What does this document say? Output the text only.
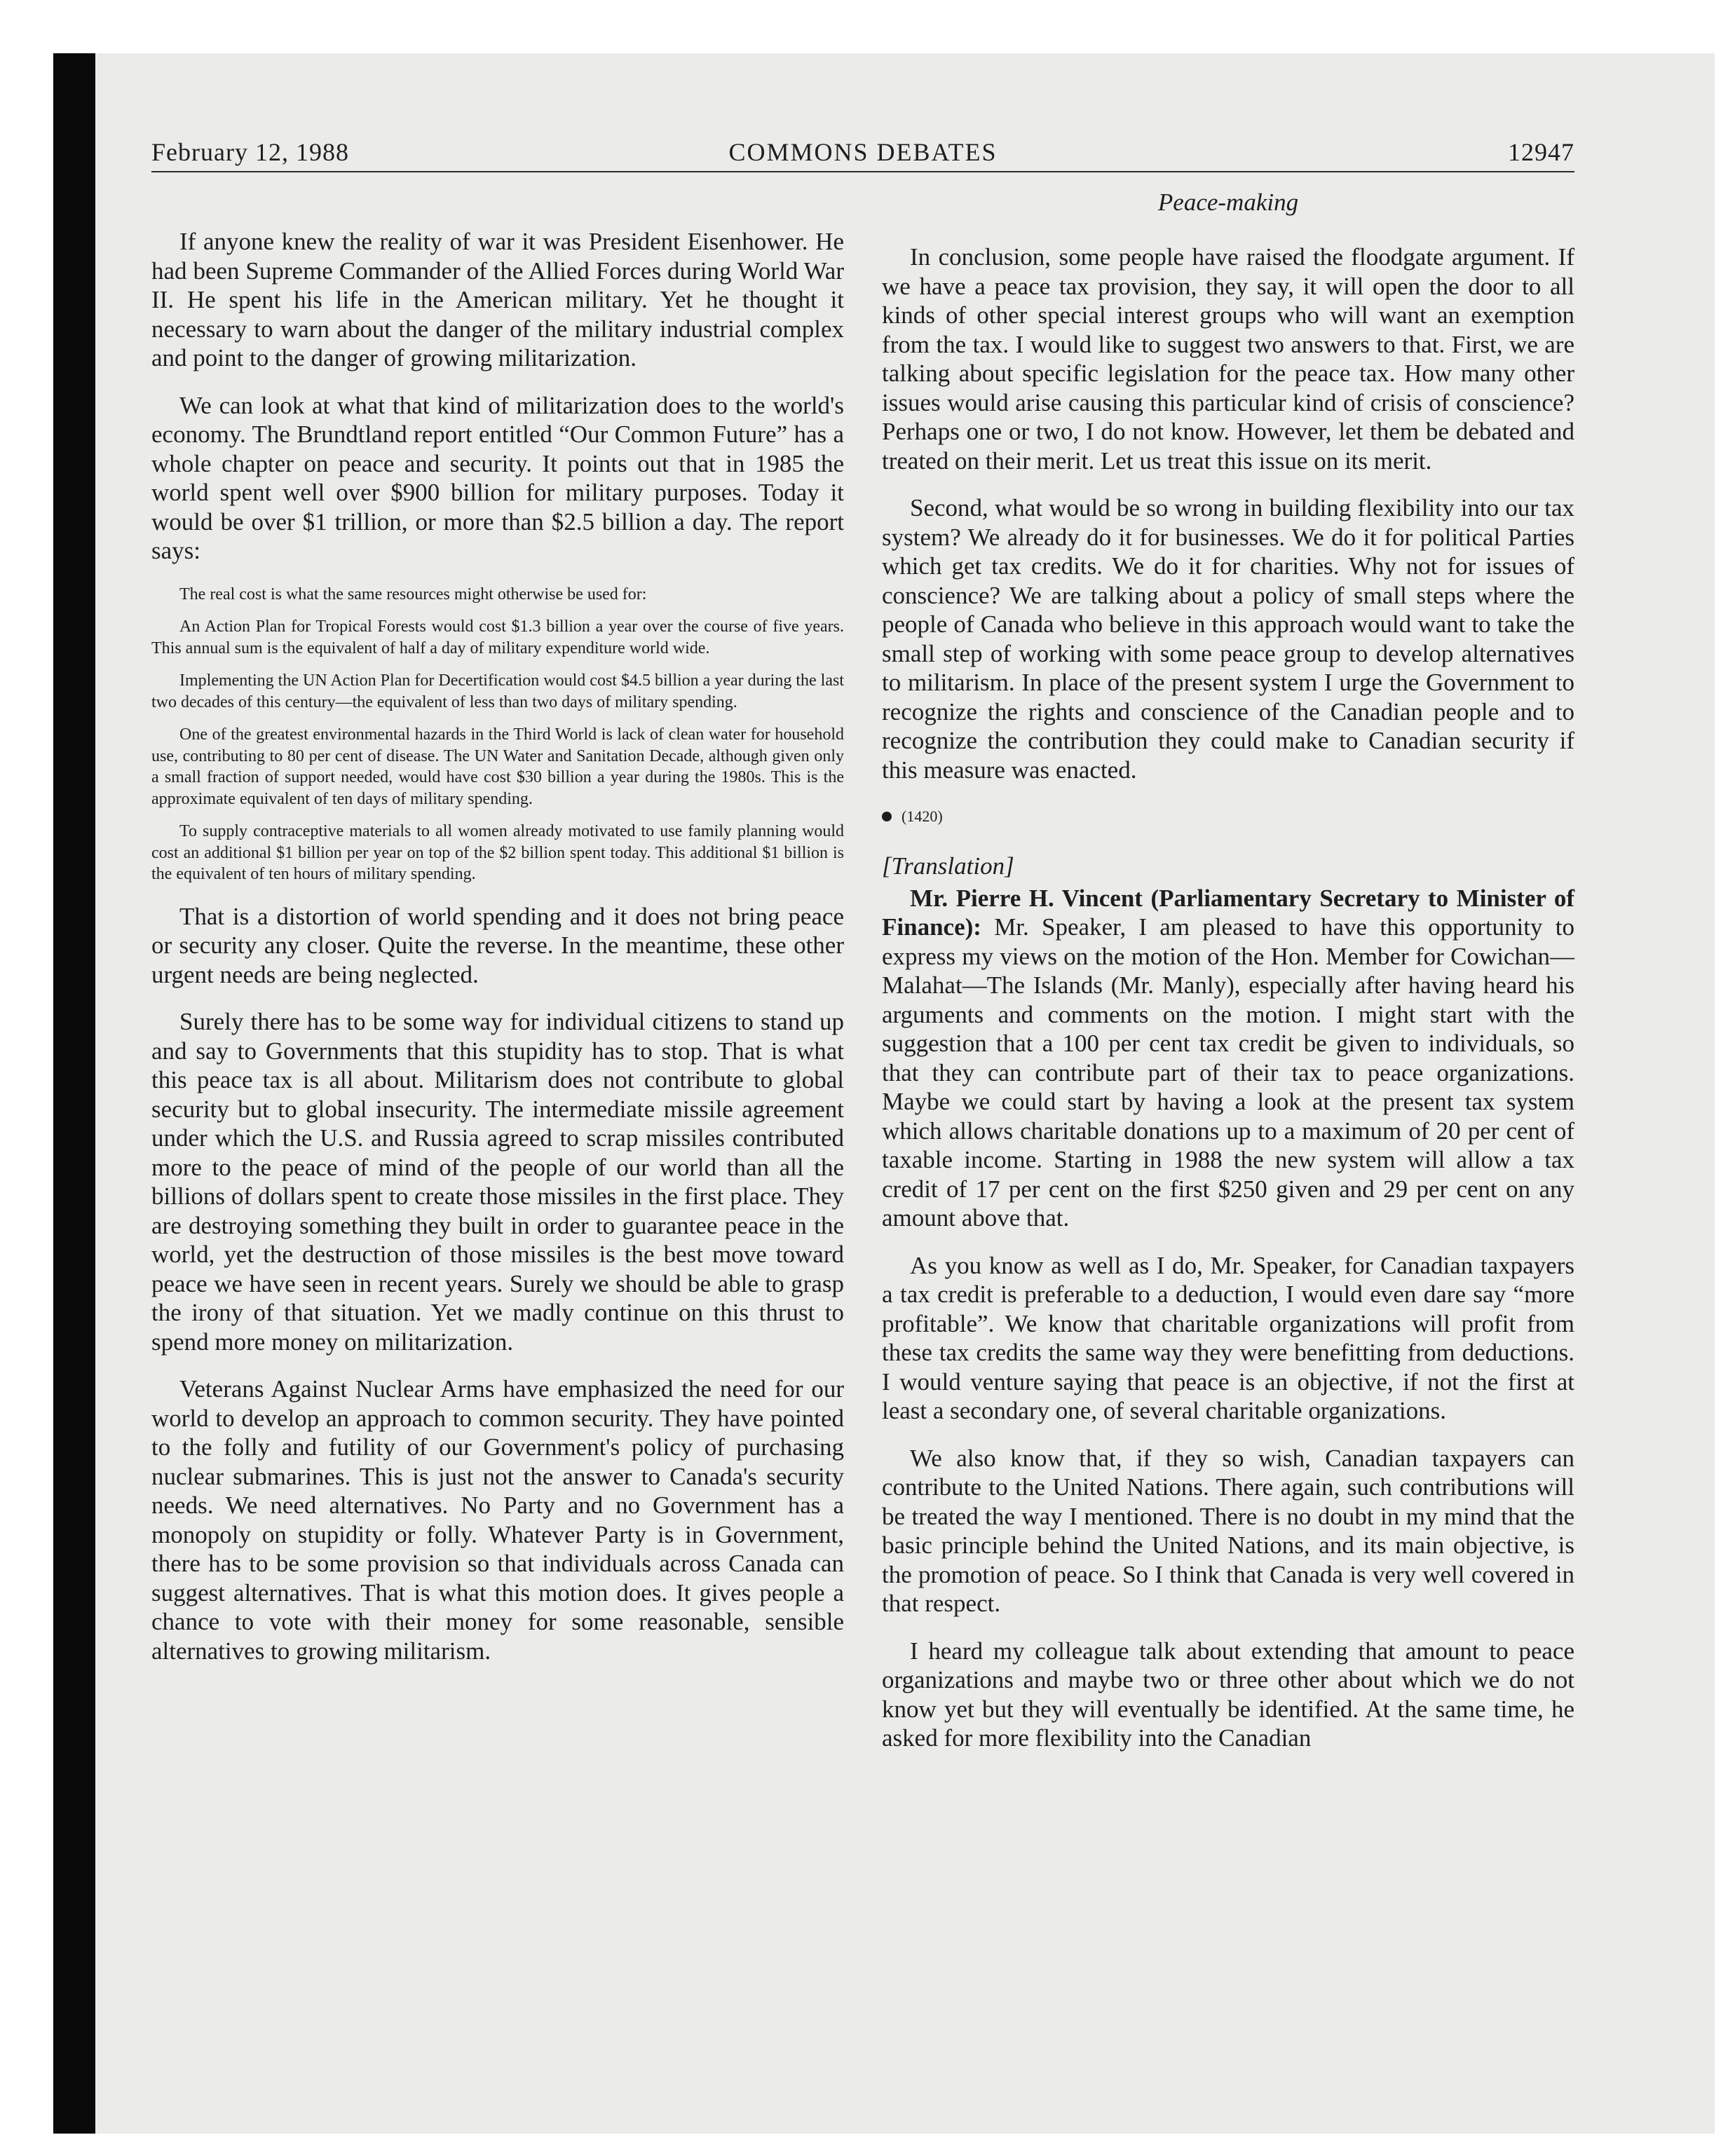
February 12, 1988	COMMONS DEBATES	12947

If anyone knew the reality of war it was President Eisenhower. He had been Supreme Commander of the Allied Forces during World War II. He spent his life in the American military. Yet he thought it necessary to warn about the danger of the military industrial complex and point to the danger of growing militarization.

We can look at what that kind of militarization does to the world's economy. The Brundtland report entitled “Our Common Future” has a whole chapter on peace and security. It points out that in 1985 the world spent well over $900 billion for military purposes. Today it would be over $1 trillion, or more than $2.5 billion a day. The report says:

The real cost is what the same resources might otherwise be used for:

An Action Plan for Tropical Forests would cost $1.3 billion a year over the course of five years. This annual sum is the equivalent of half a day of military expenditure world wide.

Implementing the UN Action Plan for Decertification would cost $4.5 billion a year during the last two decades of this century—the equivalent of less than two days of military spending.

One of the greatest environmental hazards in the Third World is lack of clean water for household use, contributing to 80 per cent of disease. The UN Water and Sanitation Decade, although given only a small fraction of support needed, would have cost $30 billion a year during the 1980s. This is the approximate equivalent of ten days of military spending.

To supply contraceptive materials to all women already motivated to use family planning would cost an additional $1 billion per year on top of the $2 billion spent today. This additional $1 billion is the equivalent of ten hours of military spending.

That is a distortion of world spending and it does not bring peace or security any closer. Quite the reverse. In the meantime, these other urgent needs are being neglected.

Surely there has to be some way for individual citizens to stand up and say to Governments that this stupidity has to stop. That is what this peace tax is all about. Militarism does not contribute to global security but to global insecurity. The intermediate missile agreement under which the U.S. and Russia agreed to scrap missiles contributed more to the peace of mind of the people of our world than all the billions of dollars spent to create those missiles in the first place. They are destroying something they built in order to guarantee peace in the world, yet the destruction of those missiles is the best move toward peace we have seen in recent years. Surely we should be able to grasp the irony of that situation. Yet we madly continue on this thrust to spend more money on militarization.

Veterans Against Nuclear Arms have emphasized the need for our world to develop an approach to common security. They have pointed to the folly and futility of our Government's policy of purchasing nuclear submarines. This is just not the answer to Canada's security needs. We need alternatives. No Party and no Government has a monopoly on stupidity or folly. Whatever Party is in Government, there has to be some provision so that individuals across Canada can suggest alternatives. That is what this motion does. It gives people a chance to vote with their money for some reasonable, sensible alternatives to growing militarism.

Peace-making

In conclusion, some people have raised the floodgate argument. If we have a peace tax provision, they say, it will open the door to all kinds of other special interest groups who will want an exemption from the tax. I would like to suggest two answers to that. First, we are talking about specific legislation for the peace tax. How many other issues would arise causing this particular kind of crisis of conscience? Perhaps one or two, I do not know. However, let them be debated and treated on their merit. Let us treat this issue on its merit.

Second, what would be so wrong in building flexibility into our tax system? We already do it for businesses. We do it for political Parties which get tax credits. We do it for charities. Why not for issues of conscience? We are talking about a policy of small steps where the people of Canada who believe in this approach would want to take the small step of working with some peace group to develop alternatives to militarism. In place of the present system I urge the Government to recognize the rights and conscience of the Canadian people and to recognize the contribution they could make to Canadian security if this measure was enacted.

(1420)
[Translation]

Mr. Pierre H. Vincent (Parliamentary Secretary to Minister of Finance): Mr. Speaker, I am pleased to have this opportunity to express my views on the motion of the Hon. Member for Cowichan—Malahat—The Islands (Mr. Manly), especially after having heard his arguments and comments on the motion. I might start with the suggestion that a 100 per cent tax credit be given to individuals, so that they can contribute part of their tax to peace organizations. Maybe we could start by having a look at the present tax system which allows charitable donations up to a maximum of 20 per cent of taxable income. Starting in 1988 the new system will allow a tax credit of 17 per cent on the first $250 given and 29 per cent on any amount above that.

As you know as well as I do, Mr. Speaker, for Canadian taxpayers a tax credit is preferable to a deduction, I would even dare say “more profitable”. We know that charitable organizations will profit from these tax credits the same way they were benefitting from deductions. I would venture saying that peace is an objective, if not the first at least a secondary one, of several charitable organizations.

We also know that, if they so wish, Canadian taxpayers can contribute to the United Nations. There again, such contributions will be treated the way I mentioned. There is no doubt in my mind that the basic principle behind the United Nations, and its main objective, is the promotion of peace. So I think that Canada is very well covered in that respect.

I heard my colleague talk about extending that amount to peace organizations and maybe two or three other about which we do not know yet but they will eventually be identified. At the same time, he asked for more flexibility into the Canadian
